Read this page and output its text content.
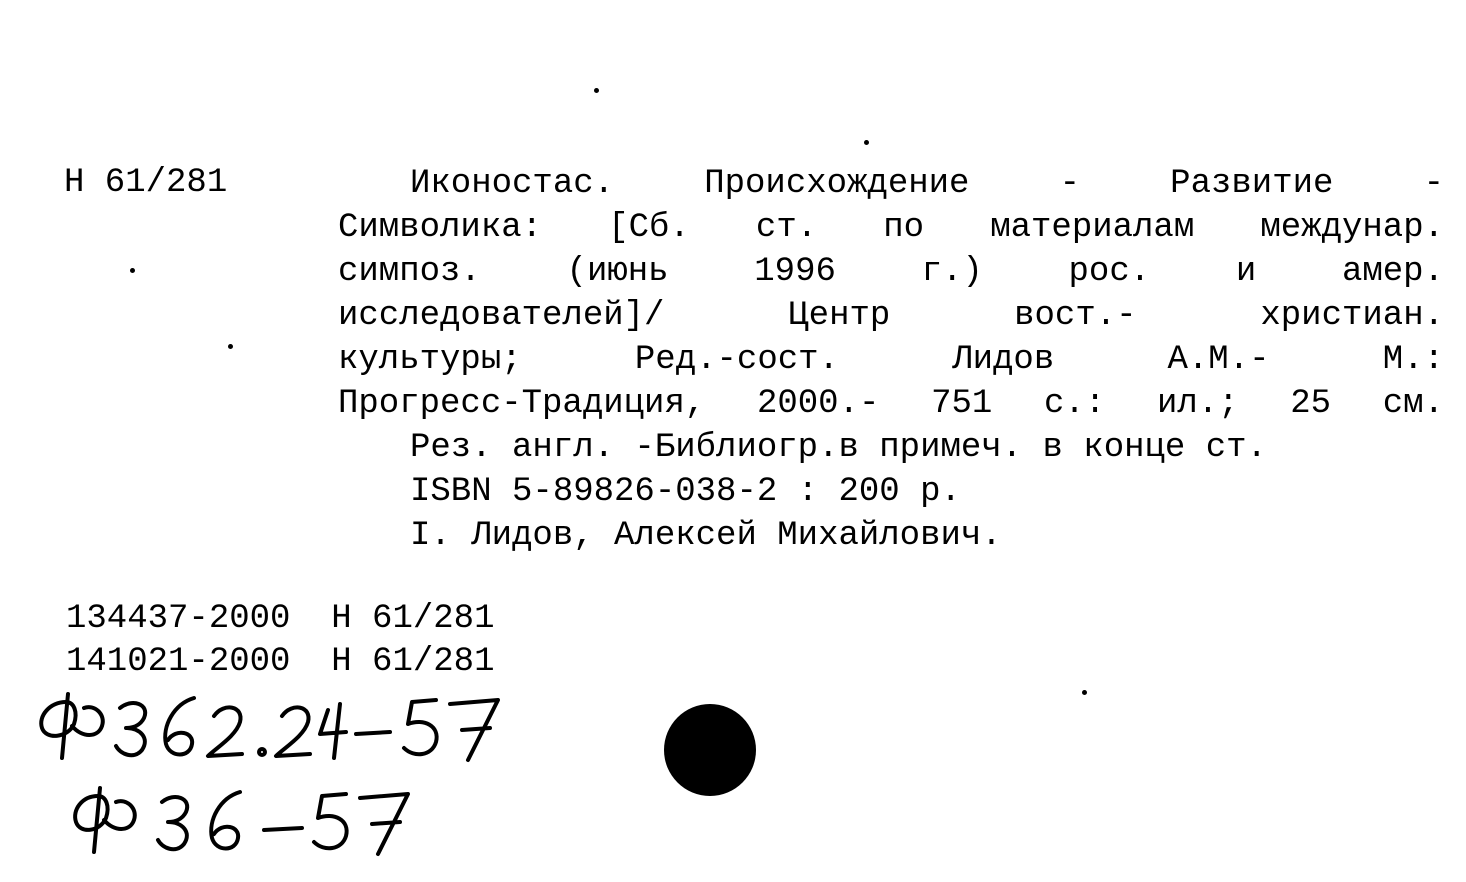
Н 61/281	Иконостас. Происхождение - Развитие -
Символика: [Сб. ст. по материалам междунар.
симпоз. (июнь 1996 г.) рос. и амер.
исследователей]/ Центр вост.- христиан.
культуры; Ред.-сост. Лидов А.М.- М.:
Прогресс-Традиция, 2000.- 751 с.: ил.; 25 см.
Рез. англ. -Библиогр.в примеч. в конце ст.
ISBN 5-89826-038-2 : 200 р.
I. Лидов, Алексей Михайлович.
134437-2000  Н 61/281
141021-2000  Н 61/281
